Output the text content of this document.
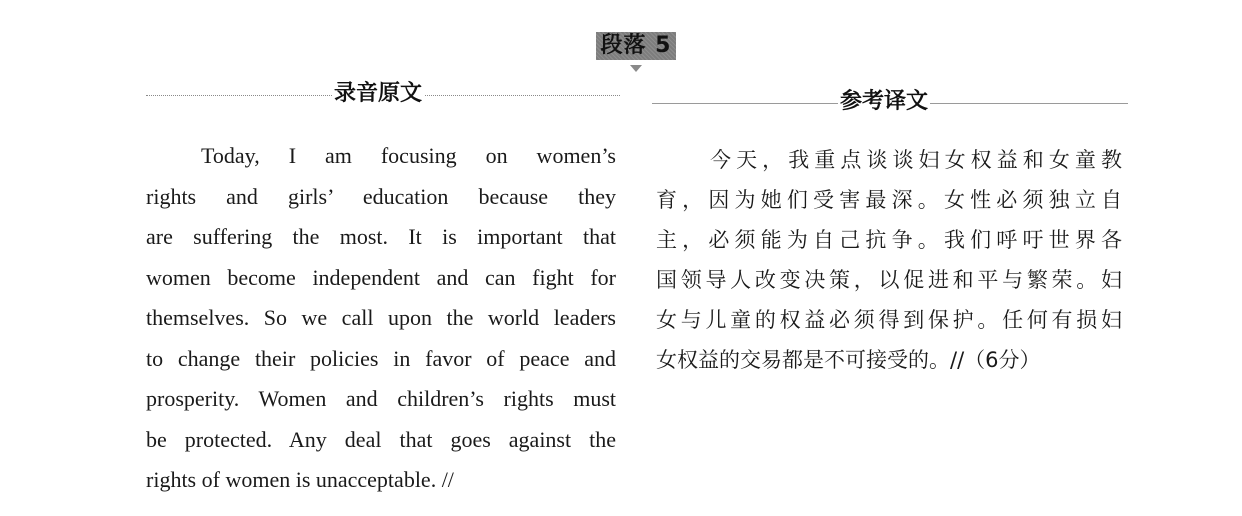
段落 5
录音原文	参考译文
Today, I am focusing on women’s
rights and girls’ education because they
are suffering the most. It is important that
women become independent and can fight for
themselves. So we call upon the world leaders
to change their policies in favor of peace and
prosperity. Women and children’s rights must
be protected. Any deal that goes against the
rights of women is unacceptable. //
今天，我重点谈谈妇女权益和女童教
育，因为她们受害最深。女性必须独立自
主，必须能为自己抗争。我们呼吁世界各
国领导人改变决策，以促进和平与繁荣。妇
女与儿童的权益必须得到保护。任何有损妇
女权益的交易都是不可接受的。//（6分）
